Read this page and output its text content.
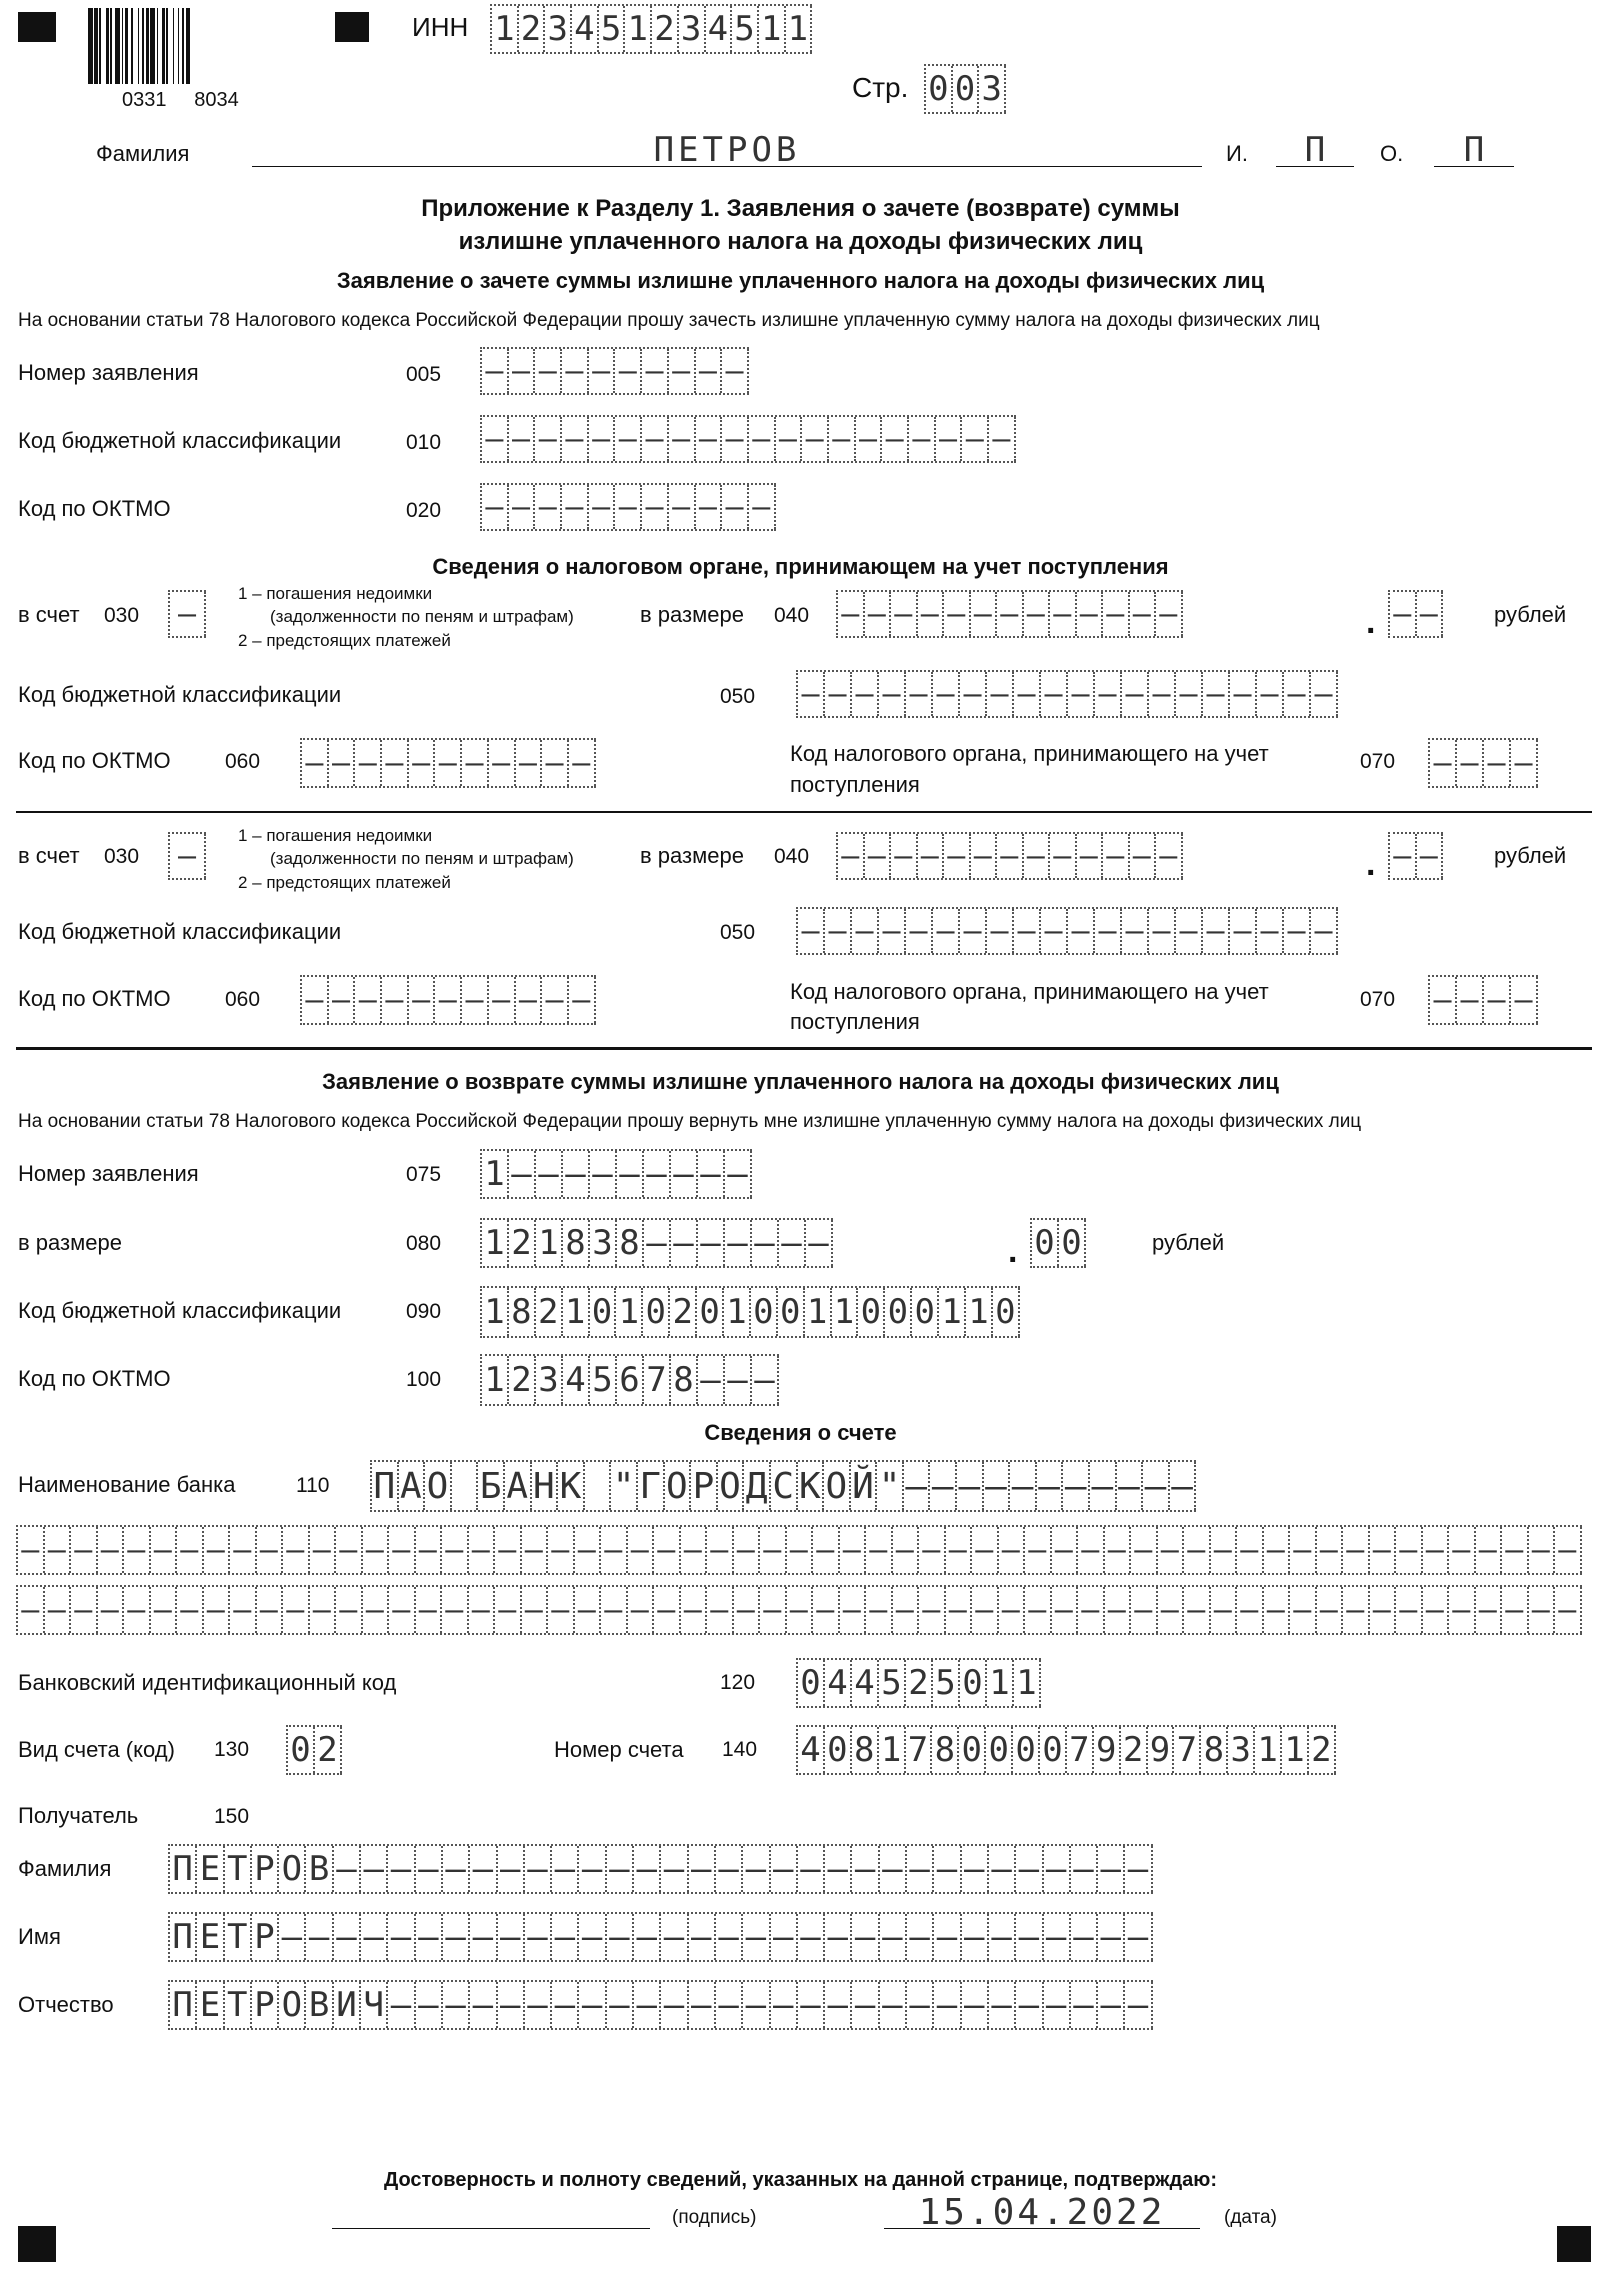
0331     8034
ИНН 1 2 3 4 5 1 2 3 4 5 1 1
Стр. 0 0 3
Фамилия	ПЕТРОВ	И.	П	О.	П
Приложение к Разделу 1. Заявления о зачете (возврате) суммы
излишне уплаченного налога на доходы физических лиц
Заявление о зачете суммы излишне уплаченного налога на доходы физических лиц
На основании статьи 78 Налогового кодекса Российской Федерации прошу зачесть излишне уплаченную сумму налога на доходы физических лиц
Номер заявления	005 – – – – – – – – – –
Код бюджетной классификации	010 – – – – – – – – – – – – – – – – – – – –
Код по ОКТМО	020 – – – – – – – – – – –
Сведения о налоговом органе, принимающем на учет поступления
в счет 030 –
1 – погашения недоимки
(задолженности по пеням и штрафам)
2 – предстоящих платежей
в размере 040 – – – – – – – – – – – – –	. – –	рублей
Код бюджетной классификации	050 – – – – – – – – – – – – – – – – – – – –
Код по ОКТМО	060 – – – – – – – – – – –	Код налогового органа, принимающего на учет
поступления
070 – – – –
в счет 030 –
1 – погашения недоимки
(задолженности по пеням и штрафам)
2 – предстоящих платежей
в размере 040 – – – – – – – – – – – – –	. – –	рублей
Код бюджетной классификации	050 – – – – – – – – – – – – – – – – – – – –
Код по ОКТМО	060 – – – – – – – – – – –	Код налогового органа, принимающего на учет
поступления
070 – – – –
Заявление о возврате суммы излишне уплаченного налога на доходы физических лиц
На основании статьи 78 Налогового кодекса Российской Федерации прошу вернуть мне излишне уплаченную сумму налога на доходы физических лиц
Номер заявления	075 1 – – – – – – – – –
в размере	080 1 2 1 8 3 8 – – – – – – –	. 0 0	рублей
Код бюджетной классификации	090 1 8 2 1 0 1 0 2 0 1 0 0 1 1 0 0 0 1 1 0
Код по ОКТМО	100 1 2 3 4 5 6 7 8 – – –
Сведения о счете
Наименование банка	110 П А О Б А Н К " Г О Р О Д С К О Й " – – – – – – – – – – –
– – – – – – – – – – – – – – – – – – – – – – – – – – – – – – – – – – – – – – – – – – – – – – – – – – – – – – – – – – –
– – – – – – – – – – – – – – – – – – – – – – – – – – – – – – – – – – – – – – – – – – – – – – – – – – – – – – – – – – –
Банковский идентификационный код	120 0 4 4 5 2 5 0 1 1
Вид счета (код) 130 0 2	Номер счета 140 4 0 8 1 7 8 0 0 0 0 7 9 2 9 7 8 3 1 1 2
Получатель	150
Фамилия П Е Т Р О В – – – – – – – – – – – – – – – – – – – – – – – – – – – – – –
Имя	П Е Т Р – – – – – – – – – – – – – – – – – – – – – – – – – – – – – – – –
Отчество П Е Т Р О В И Ч – – – – – – – – – – – – – – – – – – – – – – – – – – – –
Достоверность и полноту сведений, указанных на данной странице, подтверждаю:
(подпись)	15.04.2022	(дата)
